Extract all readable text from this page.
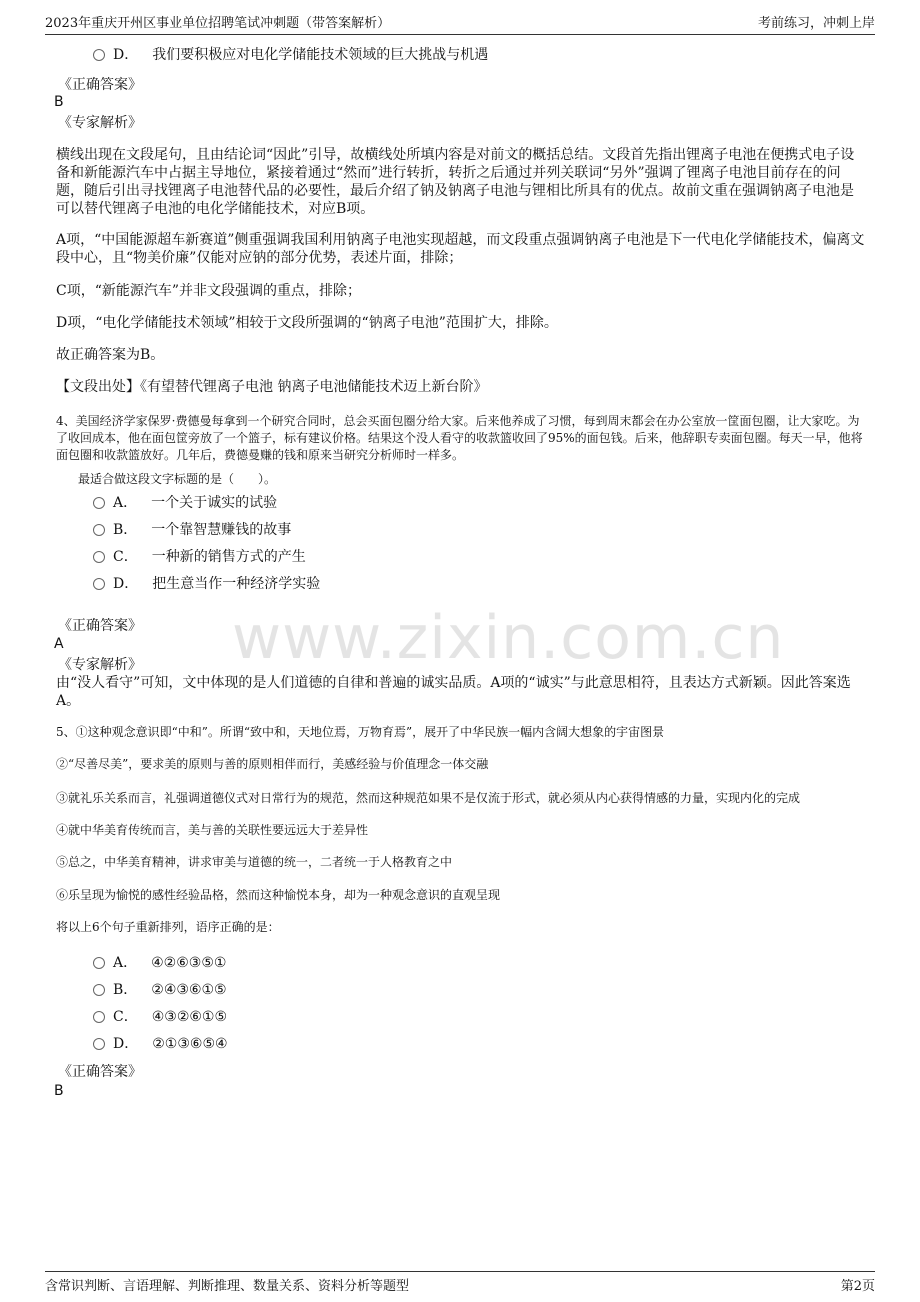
2023年重庆开州区事业单位招聘笔试冲刺题（带答案解析）	考前练习，冲刺上岸
www.zixin.com.cn
D． 我们要积极应对电化学储能技术领域的巨大挑战与机遇
《正确答案》
B
《专家解析》
横线出现在文段尾句，且由结论词“因此”引导，故横线处所填内容是对前文的概括总结。文段首先指出锂离子电池在便携式电子设备和新能源汽车中占据主导地位，紧接着通过“然而”进行转折，转折之后通过并列关联词“另外”强调了锂离子电池目前存在的问题，随后引出寻找锂离子电池替代品的必要性，最后介绍了钠及钠离子电池与锂相比所具有的优点。故前文重在强调钠离子电池是可以替代锂离子电池的电化学储能技术，对应B项。
A项，“中国能源超车新赛道”侧重强调我国利用钠离子电池实现超越，而文段重点强调钠离子电池是下一代电化学储能技术，偏离文段中心，且“物美价廉”仅能对应钠的部分优势，表述片面，排除；
C项，“新能源汽车”并非文段强调的重点，排除；
D项，“电化学储能技术领域”相较于文段所强调的“钠离子电池”范围扩大，排除。
故正确答案为B。
【文段出处】《有望替代锂离子电池 钠离子电池储能技术迈上新台阶》
4、美国经济学家保罗·费德曼每拿到一个研究合同时，总会买面包圈分给大家。后来他养成了习惯，每到周末都会在办公室放一筐面包圈，让大家吃。为了收回成本，他在面包筐旁放了一个篮子，标有建议价格。结果这个没人看守的收款篮收回了95%的面包钱。后来，他辞职专卖面包圈。每天一早，他将面包圈和收款篮放好。几年后，费德曼赚的钱和原来当研究分析师时一样多。
最适合做这段文字标题的是（　　）。
A． 一个关于诚实的试验
B． 一个靠智慧赚钱的故事
C． 一种新的销售方式的产生
D． 把生意当作一种经济学实验
《正确答案》
A
《专家解析》
由“没人看守”可知，文中体现的是人们道德的自律和普遍的诚实品质。A项的“诚实”与此意思相符，且表达方式新颖。因此答案选A。
5、①这种观念意识即“中和”。所谓“致中和，天地位焉，万物育焉”，展开了中华民族一幅内含阔大想象的宇宙图景
②“尽善尽美”，要求美的原则与善的原则相伴而行，美感经验与价值理念一体交融
③就礼乐关系而言，礼强调道德仪式对日常行为的规范，然而这种规范如果不是仅流于形式，就必须从内心获得情感的力量，实现内化的完成
④就中华美育传统而言，美与善的关联性要远远大于差异性
⑤总之，中华美育精神，讲求审美与道德的统一，二者统一于人格教育之中
⑥乐呈现为愉悦的感性经验品格，然而这种愉悦本身，却为一种观念意识的直观呈现
将以上6个句子重新排列，语序正确的是：
A． ④②⑥③⑤①
B． ②④③⑥①⑤
C． ④③②⑥①⑤
D． ②①③⑥⑤④
《正确答案》
B
含常识判断、言语理解、判断推理、数量关系、资料分析等题型	第2页
